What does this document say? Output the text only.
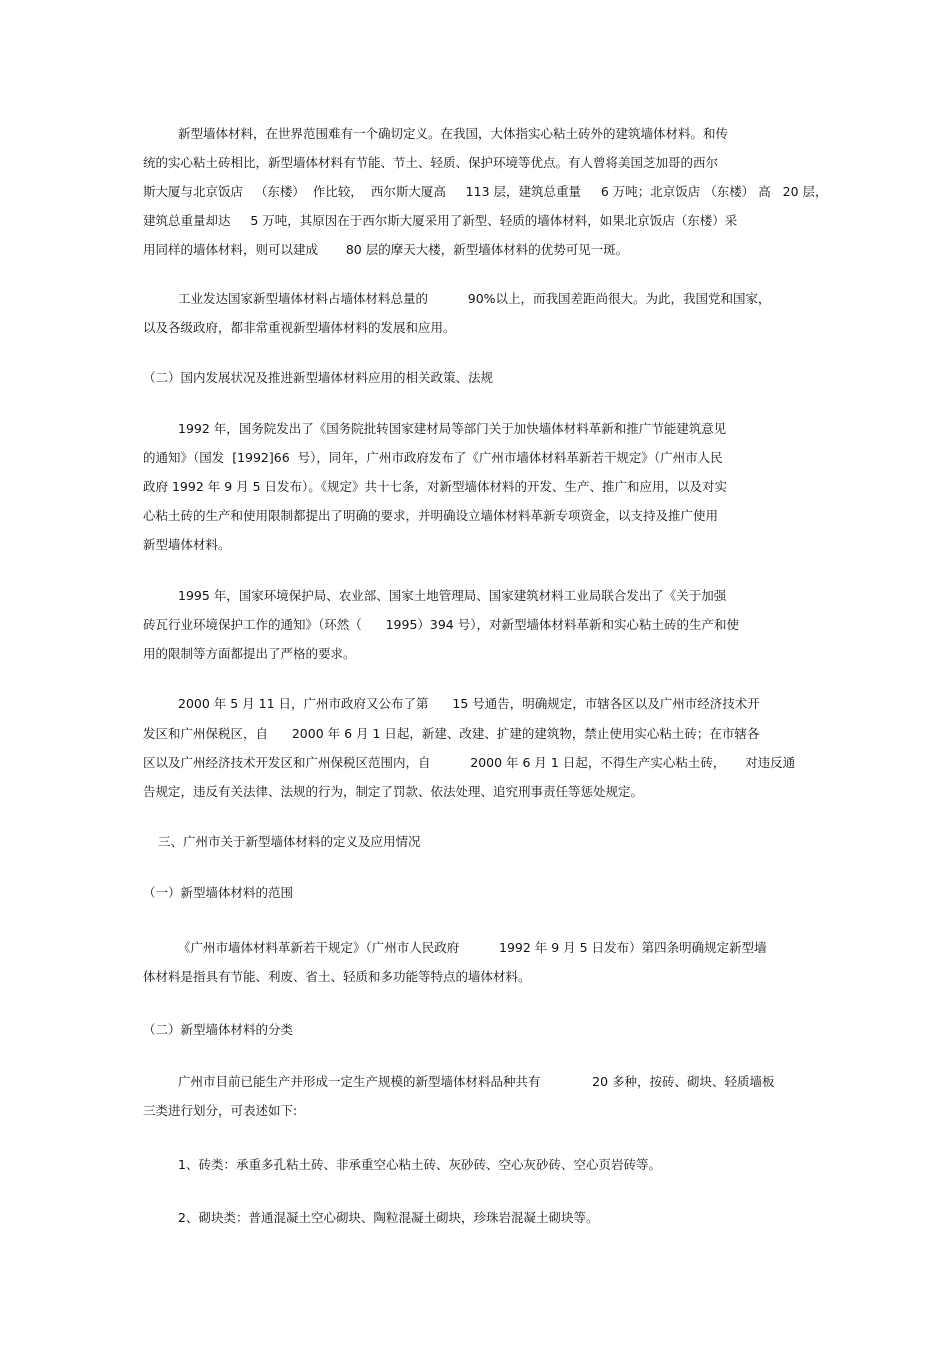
新型墙体材料，在世界范围难有一个确切定义。在我国，大体指实心粘土砖外的建筑墙体材料。和传
统的实心粘土砖相比，新型墙体材料有节能、节土、轻质、保护环境等优点。有人曾将美国芝加哥的西尔
斯大厦与北京饭店   （东楼）  作比较，  西尔斯大厦高     113 层，建筑总重量     6 万吨；北京饭店 （东楼） 高   20 层，
建筑总重量却达     5 万吨，其原因在于西尔斯大厦采用了新型、轻质的墙体材料，如果北京饭店（东楼）采
用同样的墙体材料，则可以建成       80 层的摩天大楼，新型墙体材料的优势可见一斑。
工业发达国家新型墙体材料占墙体材料总量的          90%以上，而我国差距尚很大。为此，我国党和国家，
以及各级政府，都非常重视新型墙体材料的发展和应用。
（二）国内发展状况及推进新型墙体材料应用的相关政策、法规
1992 年，国务院发出了《国务院批转国家建材局等部门关于加快墙体材料革新和推广节能建筑意见
的通知》（国发  [1992]66  号），同年，广州市政府发布了《广州市墙体材料革新若干规定》（广州市人民
政府 1992 年 9 月 5 日发布）。《规定》共十七条，对新型墙体材料的开发、生产、推广和应用，以及对实
心粘土砖的生产和使用限制都提出了明确的要求，并明确设立墙体材料革新专项资金，以支持及推广使用
新型墙体材料。
1995 年，国家环境保护局、农业部、国家土地管理局、国家建筑材料工业局联合发出了《关于加强
砖瓦行业环境保护工作的通知》（环然（      1995）394 号），对新型墙体材料革新和实心粘土砖的生产和使
用的限制等方面都提出了严格的要求。
2000 年 5 月 11 日，广州市政府又公布了第      15 号通告，明确规定，市辖各区以及广州市经济技术开
发区和广州保税区，自      2000 年 6 月 1 日起，新建、改建、扩建的建筑物，禁止使用实心粘土砖；在市辖各
区以及广州经济技术开发区和广州保税区范围内，自          2000 年 6 月 1 日起，不得生产实心粘土砖，     对违反通
告规定，违反有关法律、法规的行为，制定了罚款、依法处理、追究刑事责任等惩处规定。
三、广州市关于新型墙体材料的定义及应用情况
（一）新型墙体材料的范围
《广州市墙体材料革新若干规定》（广州市人民政府          1992 年 9 月 5 日发布）第四条明确规定新型墙
体材料是指具有节能、利废、省土、轻质和多功能等特点的墙体材料。
（二）新型墙体材料的分类
广州市目前已能生产并形成一定生产规模的新型墙体材料品种共有             20 多种，按砖、砌块、轻质墙板
三类进行划分，可表述如下:
1、砖类：承重多孔粘土砖、非承重空心粘土砖、灰砂砖、空心灰砂砖、空心页岩砖等。
2、砌块类：普通混凝土空心砌块、陶粒混凝土砌块，珍珠岩混凝土砌块等。
